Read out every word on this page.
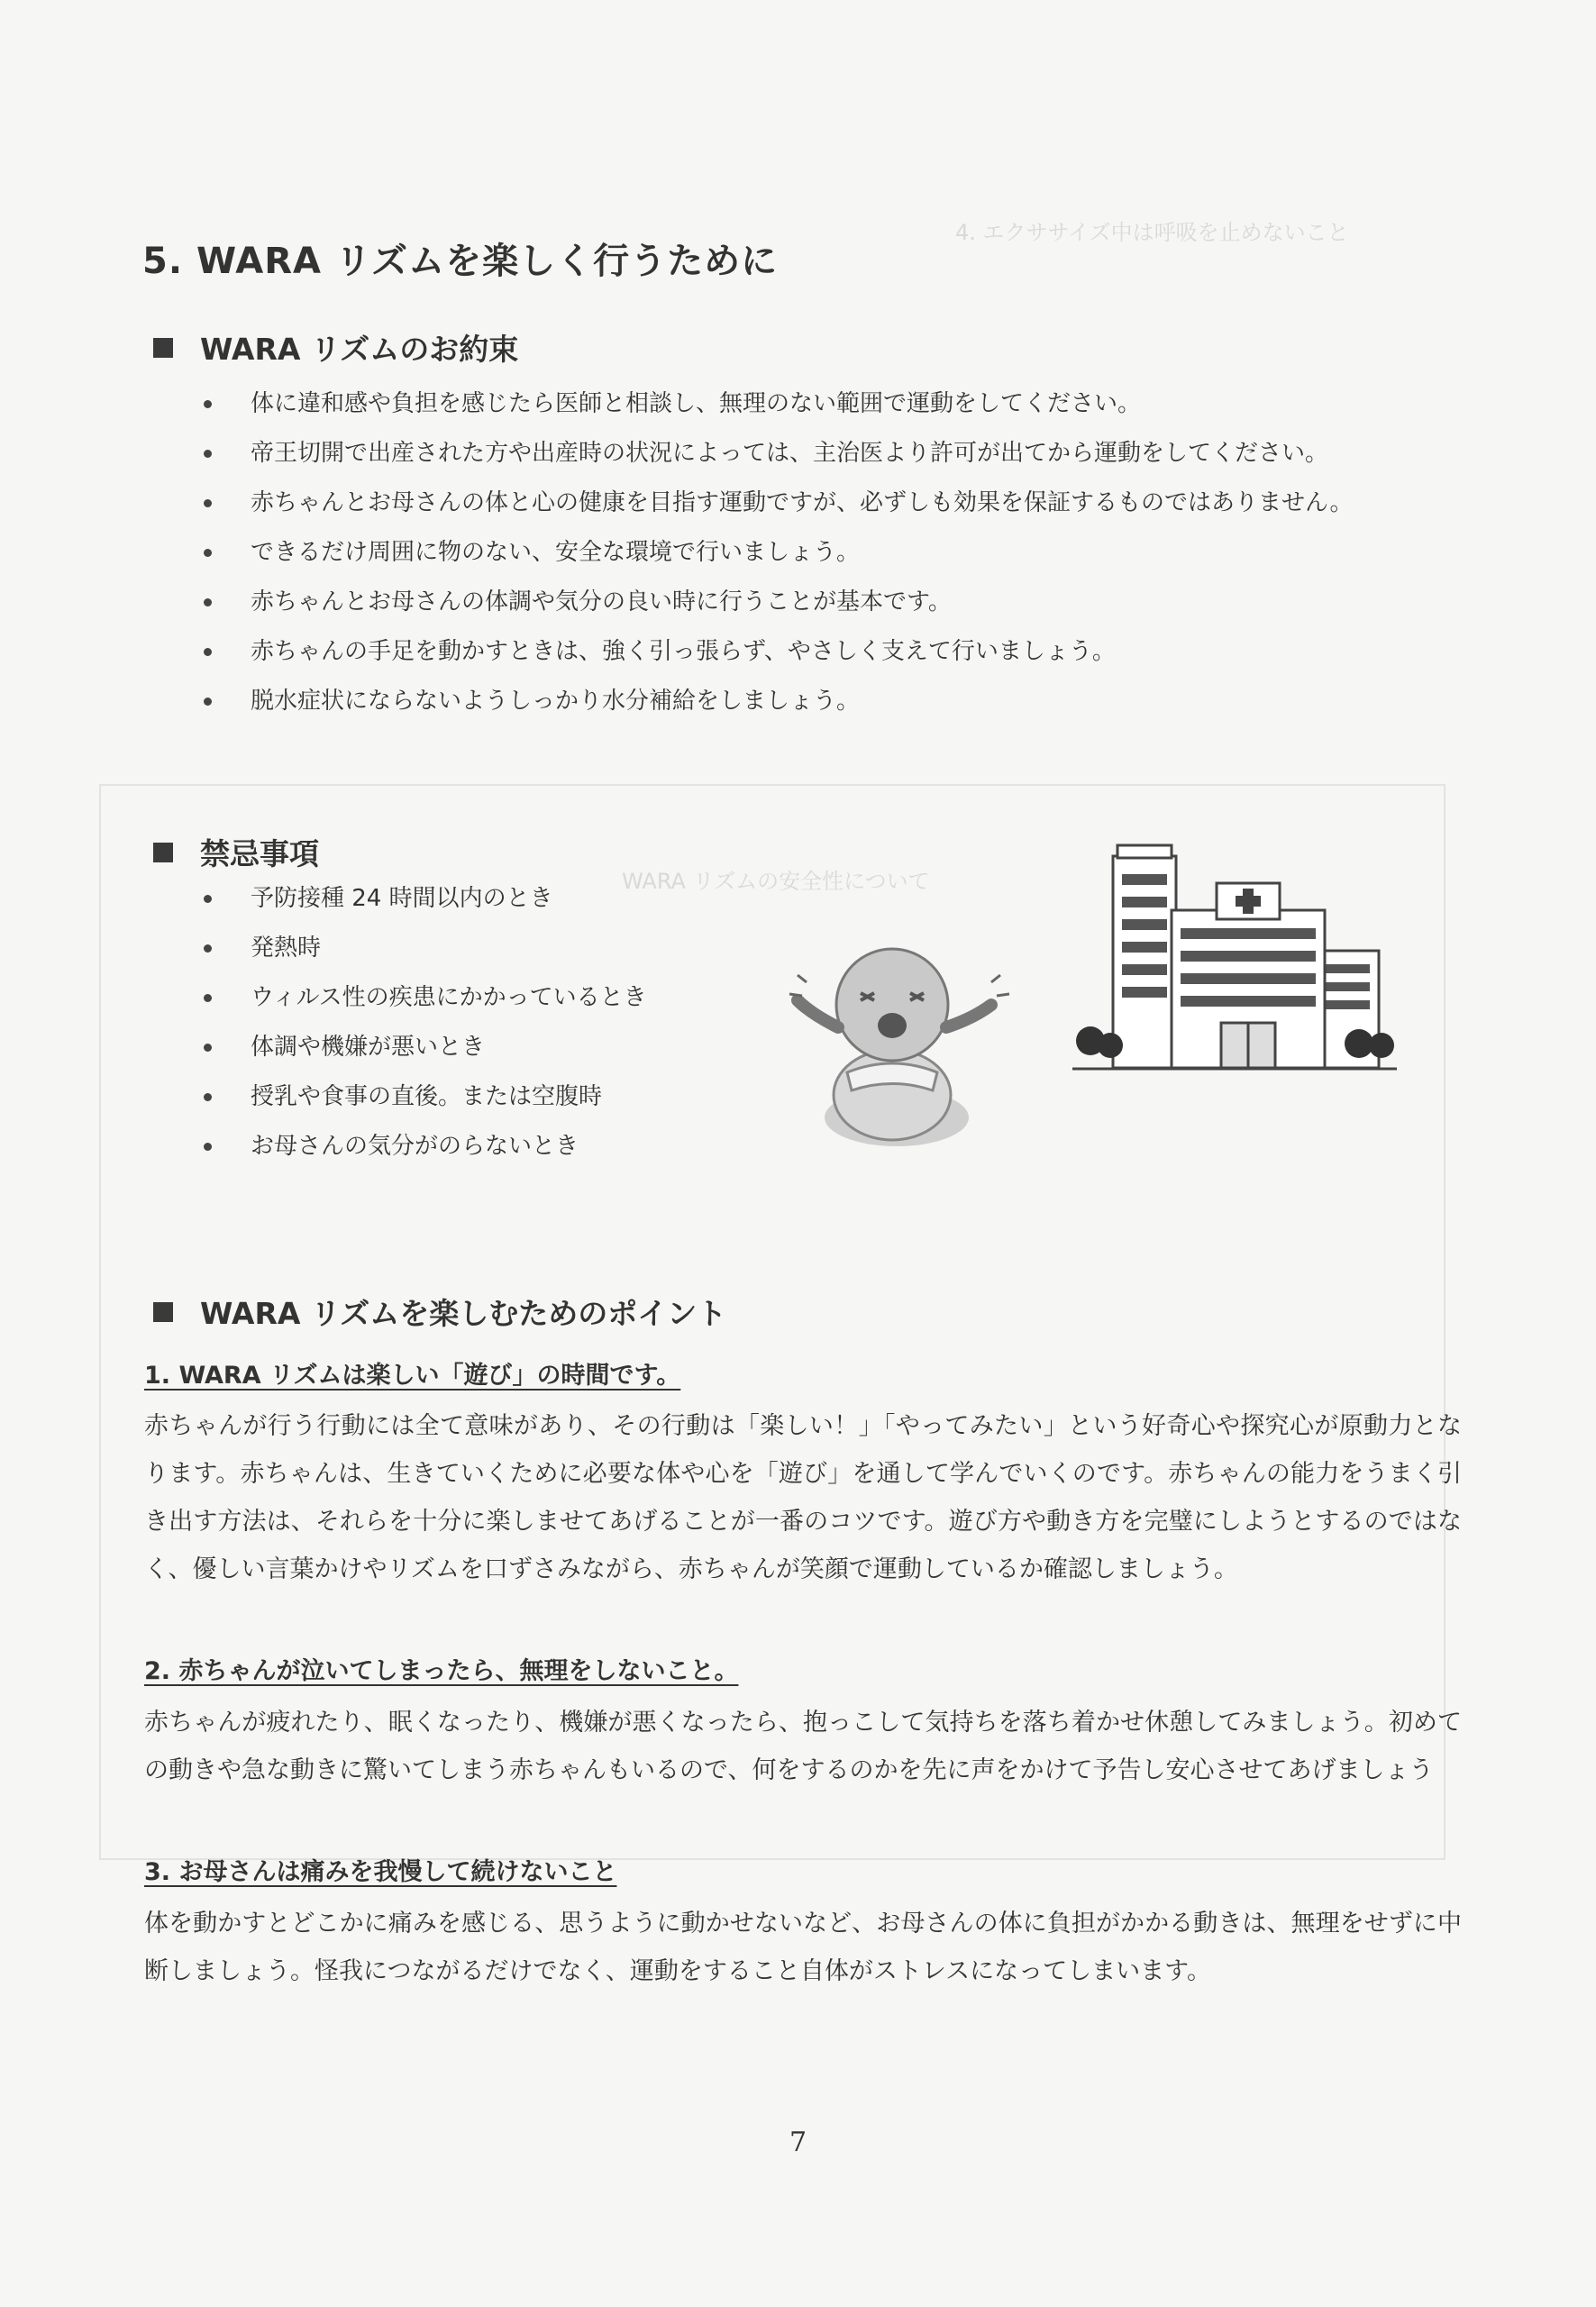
4. エクササイズ中は呼吸を止めないこと
WARA リズムの安全性について
5. WARA リズムを楽しく行うために
WARA リズムのお約束
体に違和感や負担を感じたら医師と相談し、無理のない範囲で運動をしてください。
帝王切開で出産された方や出産時の状況によっては、主治医より許可が出てから運動をしてください。
赤ちゃんとお母さんの体と心の健康を目指す運動ですが、必ずしも効果を保証するものではありません。
できるだけ周囲に物のない、安全な環境で行いましょう。
赤ちゃんとお母さんの体調や気分の良い時に行うことが基本です。
赤ちゃんの手足を動かすときは、強く引っ張らず、やさしく支えて行いましょう。
脱水症状にならないようしっかり水分補給をしましょう。
禁忌事項
予防接種 24 時間以内のとき
発熱時
ウィルス性の疾患にかかっているとき
体調や機嫌が悪いとき
授乳や食事の直後。または空腹時
お母さんの気分がのらないとき
WARA リズムを楽しむためのポイント
1. WARA リズムは楽しい「遊び」の時間です。

赤ちゃんが行う行動には全て意味があり、その行動は「楽しい！」「やってみたい」という好奇心や探究心が原動力となります。赤ちゃんは、生きていくために必要な体や心を「遊び」を通して学んでいくのです。赤ちゃんの能力をうまく引き出す方法は、それらを十分に楽しませてあげることが一番のコツです。遊び方や動き方を完璧にしようとするのではなく、優しい言葉かけやリズムを口ずさみながら、赤ちゃんが笑顔で運動しているか確認しましょう。

2. 赤ちゃんが泣いてしまったら、無理をしないこと。

赤ちゃんが疲れたり、眠くなったり、機嫌が悪くなったら、抱っこして気持ちを落ち着かせ休憩してみましょう。初めての動きや急な動きに驚いてしまう赤ちゃんもいるので、何をするのかを先に声をかけて予告し安心させてあげましょう

3. お母さんは痛みを我慢して続けないこと

体を動かすとどこかに痛みを感じる、思うように動かせないなど、お母さんの体に負担がかかる動きは、無理をせずに中断しましょう。怪我につながるだけでなく、運動をすること自体がストレスになってしまいます。

7
